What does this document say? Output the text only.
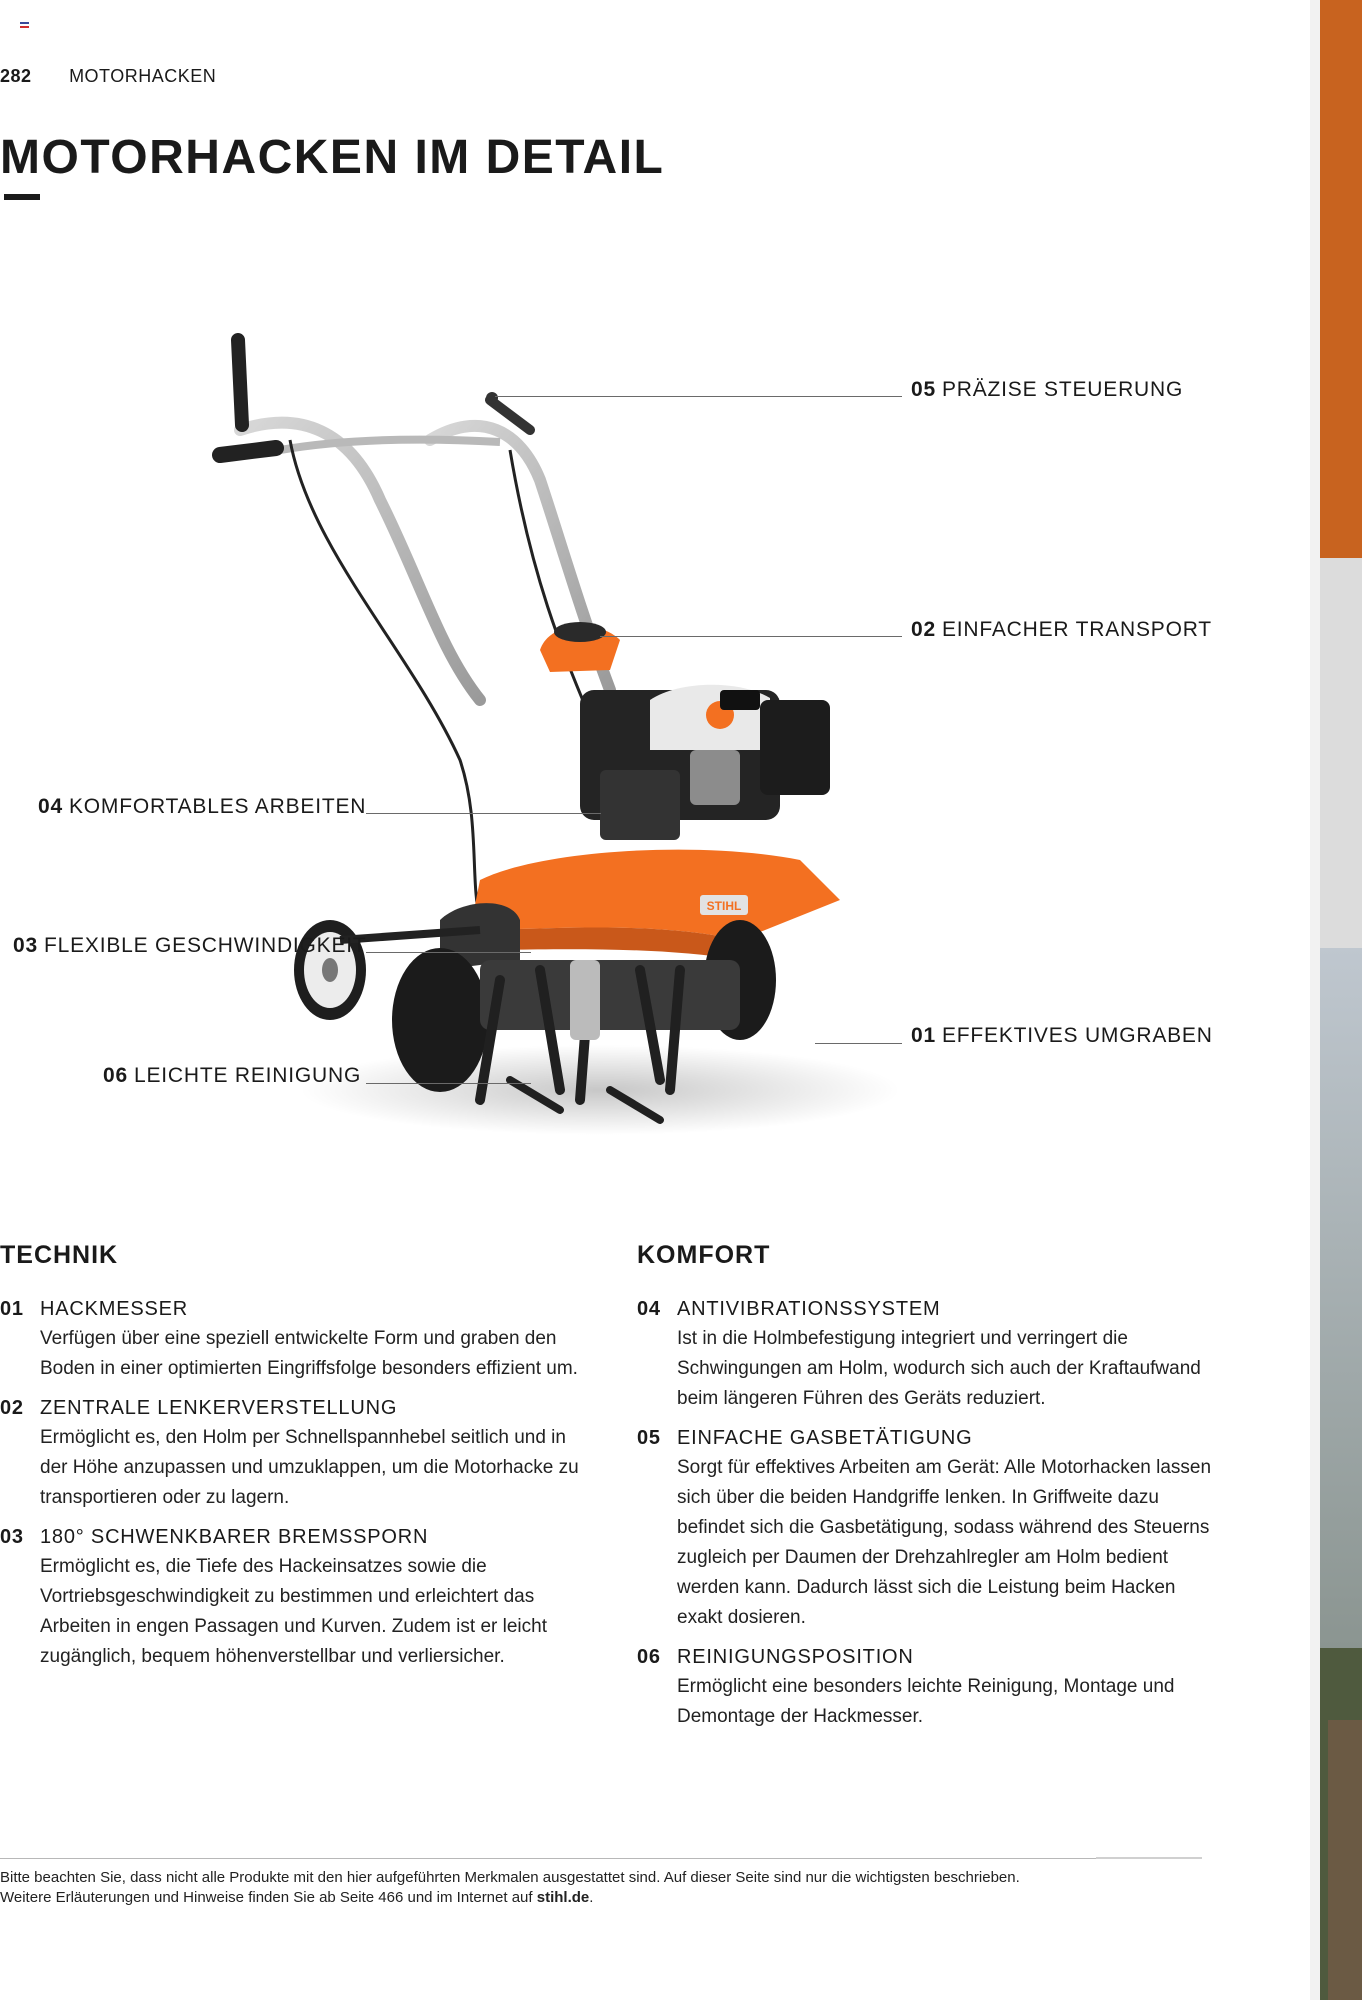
282 MOTORHACKEN
MOTORHACKEN IM DETAIL
STIHL
05 PRÄZISE STEUERUNG
02 EINFACHER TRANSPORT
04 KOMFORTABLES ARBEITEN
03 FLEXIBLE GESCHWINDIGKEIT
01 EFFEKTIVES UMGRABEN
06 LEICHTE REINIGUNG
TECHNIK
01 HACKMESSER
Verfügen über eine speziell entwickelte Form und graben den Boden in einer optimierten Eingriffsfolge besonders effizient um.
02 ZENTRALE LENKERVERSTELLUNG
Ermöglicht es, den Holm per Schnellspannhebel seitlich und in der Höhe anzupassen und umzuklappen, um die Motorhacke zu transportieren oder zu lagern.
03 180° SCHWENKBARER BREMSSPORN
Ermöglicht es, die Tiefe des Hackeinsatzes sowie die Vortriebsgeschwindigkeit zu bestimmen und erleichtert das Arbeiten in engen Passagen und Kurven. Zudem ist er leicht zugänglich, bequem höhenverstellbar und verliersicher.
KOMFORT
04 ANTIVIBRATIONSSYSTEM
Ist in die Holmbefestigung integriert und verringert die Schwingungen am Holm, wodurch sich auch der Kraftaufwand beim längeren Führen des Geräts reduziert.
05 EINFACHE GASBETÄTIGUNG
Sorgt für effektives Arbeiten am Gerät: Alle Motorhacken lassen sich über die beiden Handgriffe lenken. In Griffweite dazu befindet sich die Gasbetätigung, sodass während des Steuerns zugleich per Daumen der Drehzahlregler am Holm bedient werden kann. Dadurch lässt sich die Leistung beim Hacken exakt dosieren.
06 REINIGUNGSPOSITION
Ermöglicht eine besonders leichte Reinigung, Montage und Demontage der Hackmesser.

Bitte beachten Sie, dass nicht alle Produkte mit den hier aufgeführten Merkmalen ausgestattet sind. Auf dieser Seite sind nur die wichtigsten beschrieben.

Weitere Erläuterungen und Hinweise finden Sie ab Seite 466 und im Internet auf stihl.de.
